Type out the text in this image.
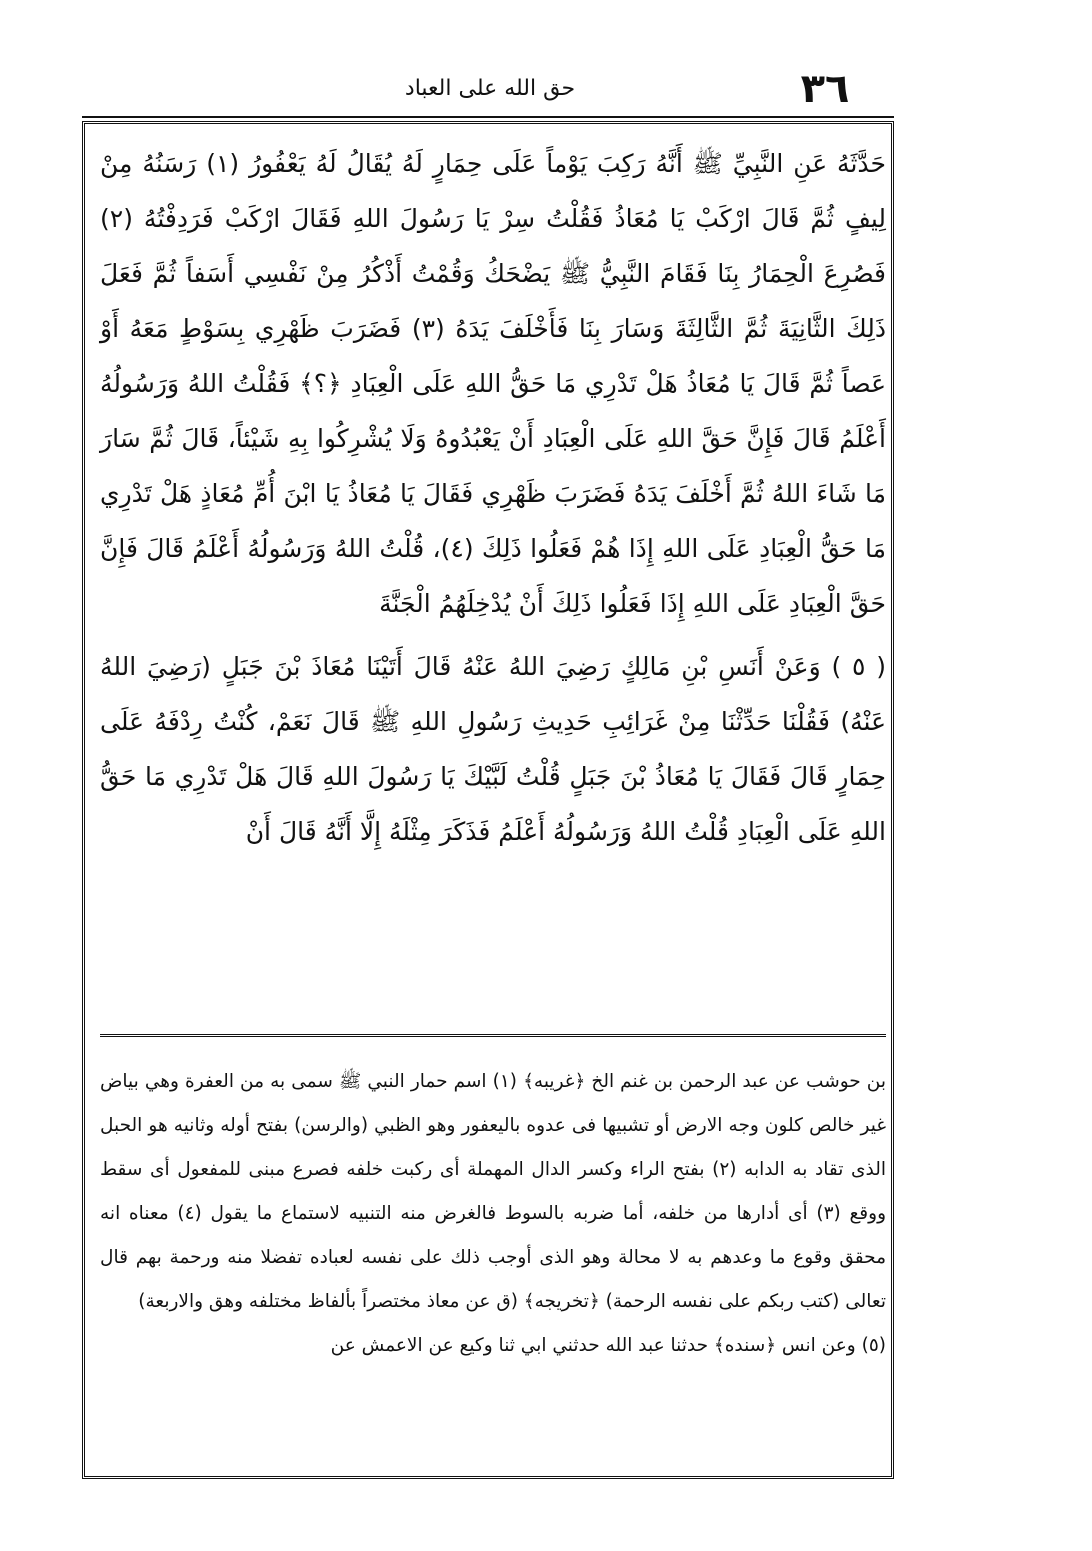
٣٦
حق الله على العباد

حَدَّثَهُ عَنِ النَّبِيِّ ﷺ أَنَّهُ رَكِبَ يَوْماً عَلَى حِمَارٍ لَهُ يُقَالُ لَهُ يَعْفُورُ (١) رَسَنُهُ مِنْ لِيفٍ ثُمَّ قَالَ ارْكَبْ يَا مُعَاذُ فَقُلْتُ سِرْ يَا رَسُولَ اللهِ فَقَالَ ارْكَبْ فَرَدِفْتُهُ (٢) فَصُرِعَ الْحِمَارُ بِنَا فَقَامَ النَّبِيُّ ﷺ يَضْحَكُ وَقُمْتُ أَذْكُرُ مِنْ نَفْسِي أَسَفاً ثُمَّ فَعَلَ ذَلِكَ الثَّانِيَةَ ثُمَّ الثَّالِثَةَ وَسَارَ بِنَا فَأَخْلَفَ يَدَهُ (٣) فَضَرَبَ ظَهْرِي بِسَوْطٍ مَعَهُ أَوْ عَصاً ثُمَّ قَالَ يَا مُعَاذُ هَلْ تَدْرِي مَا حَقُّ اللهِ عَلَى الْعِبَادِ ﴿؟﴾ فَقُلْتُ اللهُ وَرَسُولُهُ أَعْلَمُ قَالَ فَإِنَّ حَقَّ اللهِ عَلَى الْعِبَادِ أَنْ يَعْبُدُوهُ وَلَا يُشْرِكُوا بِهِ شَيْئاً، قَالَ ثُمَّ سَارَ مَا شَاءَ اللهُ ثُمَّ أَخْلَفَ يَدَهُ فَضَرَبَ ظَهْرِي فَقَالَ يَا مُعَاذُ يَا ابْنَ أُمِّ مُعَاذٍ هَلْ تَدْرِي مَا حَقُّ الْعِبَادِ عَلَى اللهِ إِذَا هُمْ فَعَلُوا ذَلِكَ (٤)، قُلْتُ اللهُ وَرَسُولُهُ أَعْلَمُ قَالَ فَإِنَّ حَقَّ الْعِبَادِ عَلَى اللهِ إِذَا فَعَلُوا ذَلِكَ أَنْ يُدْخِلَهُمُ الْجَنَّةَ

( ٥ ) وَعَنْ أَنَسِ بْنِ مَالِكٍ رَضِيَ اللهُ عَنْهُ قَالَ أَتَيْنَا مُعَاذَ بْنَ جَبَلٍ (رَضِيَ اللهُ عَنْهُ) فَقُلْنَا حَدِّثْنَا مِنْ غَرَائِبِ حَدِيثِ رَسُولِ اللهِ ﷺ قَالَ نَعَمْ، كُنْتُ رِدْفَهُ عَلَى حِمَارٍ قَالَ فَقَالَ يَا مُعَاذُ بْنَ جَبَلٍ قُلْتُ لَبَّيْكَ يَا رَسُولَ اللهِ قَالَ هَلْ تَدْرِي مَا حَقُّ اللهِ عَلَى الْعِبَادِ قُلْتُ اللهُ وَرَسُولُهُ أَعْلَمُ فَذَكَرَ مِثْلَهُ إِلَّا أَنَّهُ قَالَ أَنْ

بن حوشب عن عبد الرحمن بن غنم الخ ﴿غريبه﴾ (١) اسم حمار النبي ﷺ سمى به من العفرة وهي بياض غير خالص كلون وجه الارض أو تشبيها فى عدوه باليعفور وهو الظبي (والرسن) بفتح أوله وثانيه هو الحبل الذى تقاد به الدابه (٢) بفتح الراء وكسر الدال المهملة أى ركبت خلفه فصرع مبنى للمفعول أى سقط ووقع (٣) أى أدارها من خلفه، أما ضربه بالسوط فالغرض منه التنبيه لاستماع ما يقول (٤) معناه انه محقق وقوع ما وعدهم به لا محالة وهو الذى أوجب ذلك على نفسه لعباده تفضلا منه ورحمة بهم قال تعالى (كتب ربكم على نفسه الرحمة) ﴿تخريجه﴾ (ق عن معاذ مختصراً بألفاظ مختلفه وهق والاربعة)

(٥) وعن انس ﴿سنده﴾ حدثنا عبد الله حدثني ابي ثنا وكيع عن الاعمش عن
